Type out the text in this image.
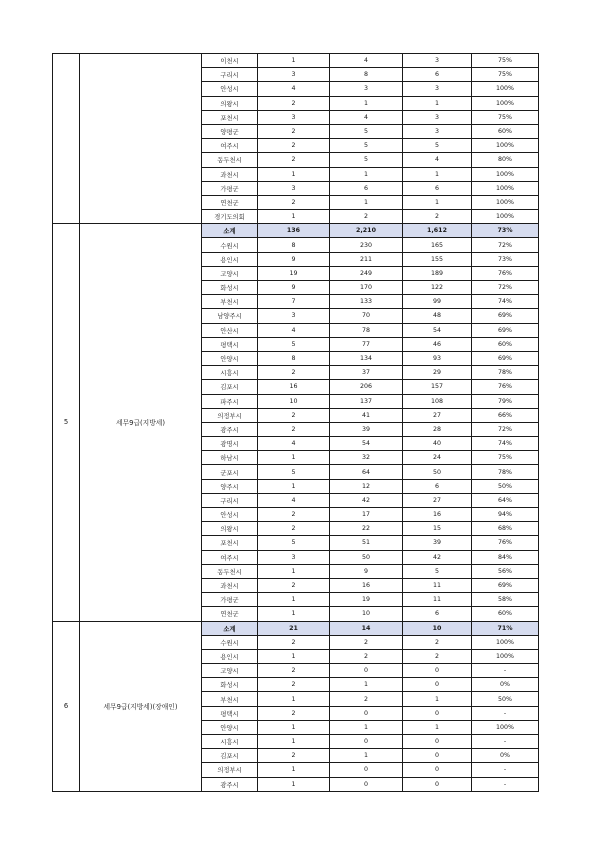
		이천시	1	4	3	75%
		구리시	3	8	6	75%
		안성시	4	3	3	100%
		의왕시	2	1	1	100%
		포천시	3	4	3	75%
		양평군	2	5	3	60%
		여주시	2	5	5	100%
		동두천시	2	5	4	80%
		과천시	1	1	1	100%
		가평군	3	6	6	100%
		연천군	2	1	1	100%
		경기도의회	1	2	2	100%
5	세무9급(지방세)	소계	136	2,210	1,612	73%
		수원시	8	230	165	72%
		용인시	9	211	155	73%
		고양시	19	249	189	76%
		화성시	9	170	122	72%
		부천시	7	133	99	74%
		남양주시	3	70	48	69%
		안산시	4	78	54	69%
		평택시	5	77	46	60%
		안양시	8	134	93	69%
		시흥시	2	37	29	78%
		김포시	16	206	157	76%
		파주시	10	137	108	79%
		의정부시	2	41	27	66%
		광주시	2	39	28	72%
		광명시	4	54	40	74%
		하남시	1	32	24	75%
		군포시	5	64	50	78%
		양주시	1	12	6	50%
		구리시	4	42	27	64%
		안성시	2	17	16	94%
		의왕시	2	22	15	68%
		포천시	5	51	39	76%
		여주시	3	50	42	84%
		동두천시	1	9	5	56%
		과천시	2	16	11	69%
		가평군	1	19	11	58%
		연천군	1	10	6	60%
6	세무9급(지방세)(장애인)	소계	21	14	10	71%
		수원시	2	2	2	100%
		용인시	1	2	2	100%
		고양시	2	0	0	-
		화성시	2	1	0	0%
		부천시	1	2	1	50%
		평택시	2	0	0	-
		안양시	1	1	1	100%
		시흥시	1	0	0	-
		김포시	2	1	0	0%
		의정부시	1	0	0	-
		광주시	1	0	0	-
